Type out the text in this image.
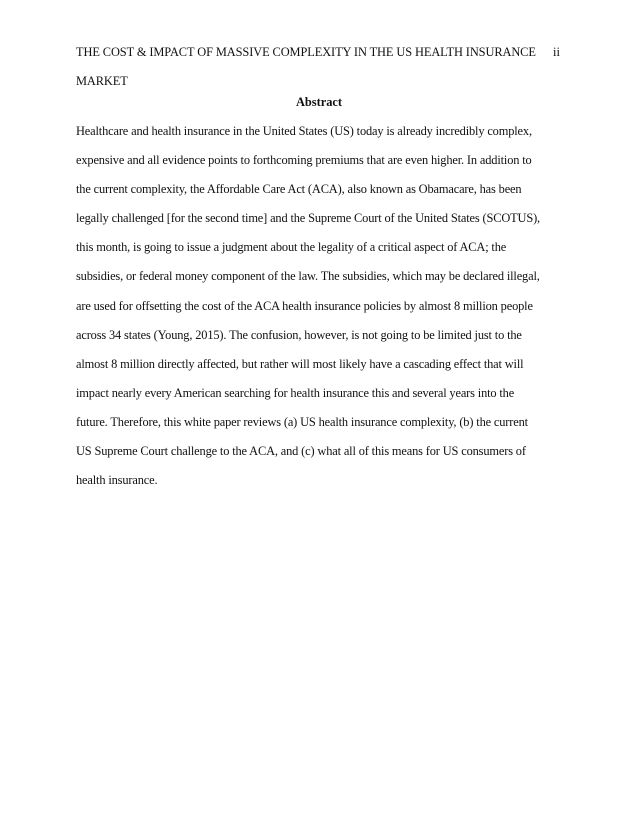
THE COST & IMPACT OF MASSIVE COMPLEXITY IN THE US HEALTH INSURANCE
MARKET
ii
Abstract
Healthcare and health insurance in the United States (US) today is already incredibly complex,
expensive and all evidence points to forthcoming premiums that are even higher. In addition to
the current complexity, the Affordable Care Act (ACA), also known as Obamacare, has been
legally challenged [for the second time] and the Supreme Court of the United States (SCOTUS),
this month, is going to issue a judgment about the legality of a critical aspect of ACA; the
subsidies, or federal money component of the law. The subsidies, which may be declared illegal,
are used for offsetting the cost of the ACA health insurance policies by almost 8 million people
across 34 states (Young, 2015). The confusion, however, is not going to be limited just to the
almost 8 million directly affected, but rather will most likely have a cascading effect that will
impact nearly every American searching for health insurance this and several years into the
future. Therefore, this white paper reviews (a) US health insurance complexity, (b) the current
US Supreme Court challenge to the ACA, and (c) what all of this means for US consumers of
health insurance.
